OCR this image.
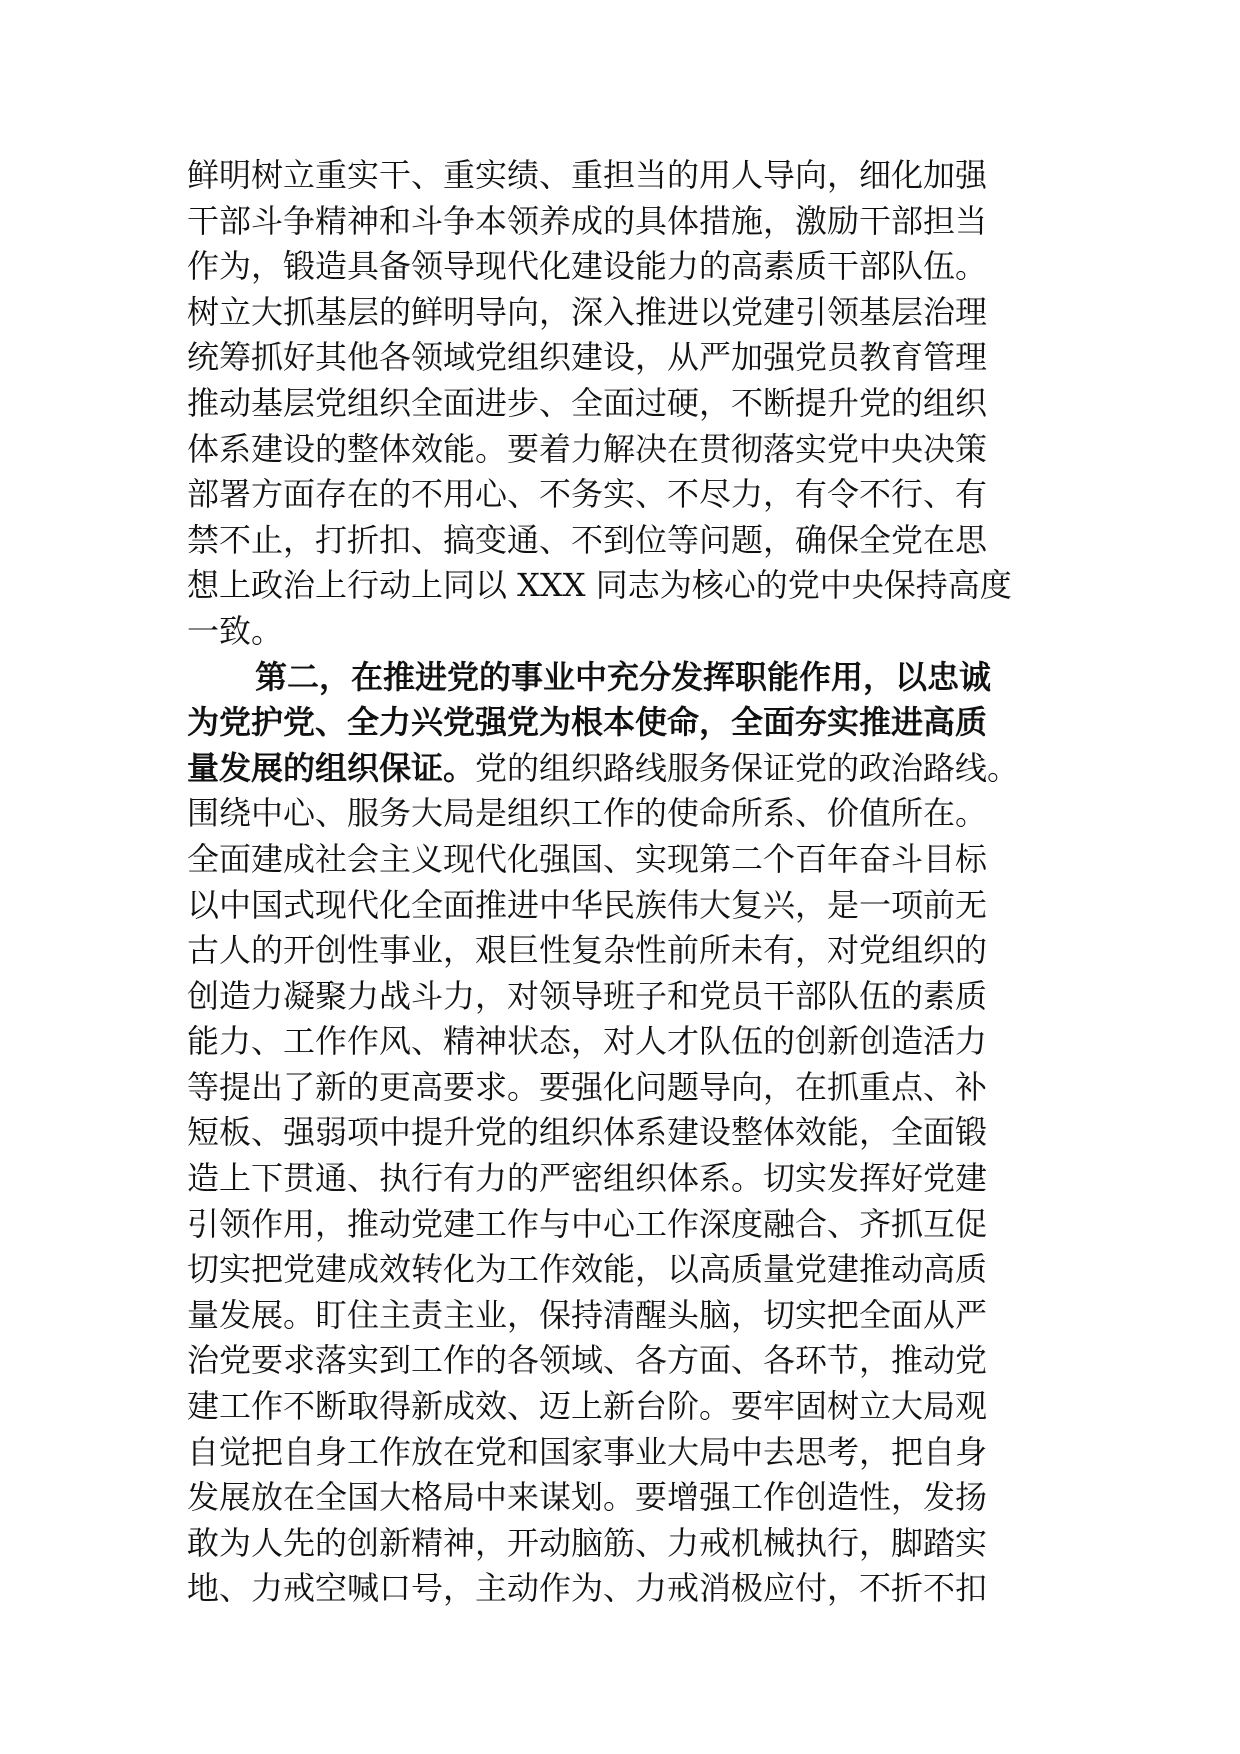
鲜明树立重实干、重实绩、重担当的用人导向，细化加强
干部斗争精神和斗争本领养成的具体措施，激励干部担当
作为，锻造具备领导现代化建设能力的高素质干部队伍。
树立大抓基层的鲜明导向，深入推进以党建引领基层治理
统筹抓好其他各领域党组织建设，从严加强党员教育管理
推动基层党组织全面进步、全面过硬，不断提升党的组织
体系建设的整体效能。要着力解决在贯彻落实党中央决策
部署方面存在的不用心、不务实、不尽力，有令不行、有
禁不止，打折扣、搞变通、不到位等问题，确保全党在思
想上政治上行动上同以 XXX 同志为核心的党中央保持高度
一致。
第二，在推进党的事业中充分发挥职能作用，以忠诚
为党护党、全力兴党强党为根本使命，全面夯实推进高质
量发展的组织保证。党的组织路线服务保证党的政治路线。
围绕中心、服务大局是组织工作的使命所系、价值所在。
全面建成社会主义现代化强国、实现第二个百年奋斗目标
以中国式现代化全面推进中华民族伟大复兴，是一项前无
古人的开创性事业，艰巨性复杂性前所未有，对党组织的
创造力凝聚力战斗力，对领导班子和党员干部队伍的素质
能力、工作作风、精神状态，对人才队伍的创新创造活力
等提出了新的更高要求。要强化问题导向，在抓重点、补
短板、强弱项中提升党的组织体系建设整体效能，全面锻
造上下贯通、执行有力的严密组织体系。切实发挥好党建
引领作用，推动党建工作与中心工作深度融合、齐抓互促
切实把党建成效转化为工作效能，以高质量党建推动高质
量发展。盯住主责主业，保持清醒头脑，切实把全面从严
治党要求落实到工作的各领域、各方面、各环节，推动党
建工作不断取得新成效、迈上新台阶。要牢固树立大局观
自觉把自身工作放在党和国家事业大局中去思考，把自身
发展放在全国大格局中来谋划。要增强工作创造性，发扬
敢为人先的创新精神，开动脑筋、力戒机械执行，脚踏实
地、力戒空喊口号，主动作为、力戒消极应付，不折不扣
